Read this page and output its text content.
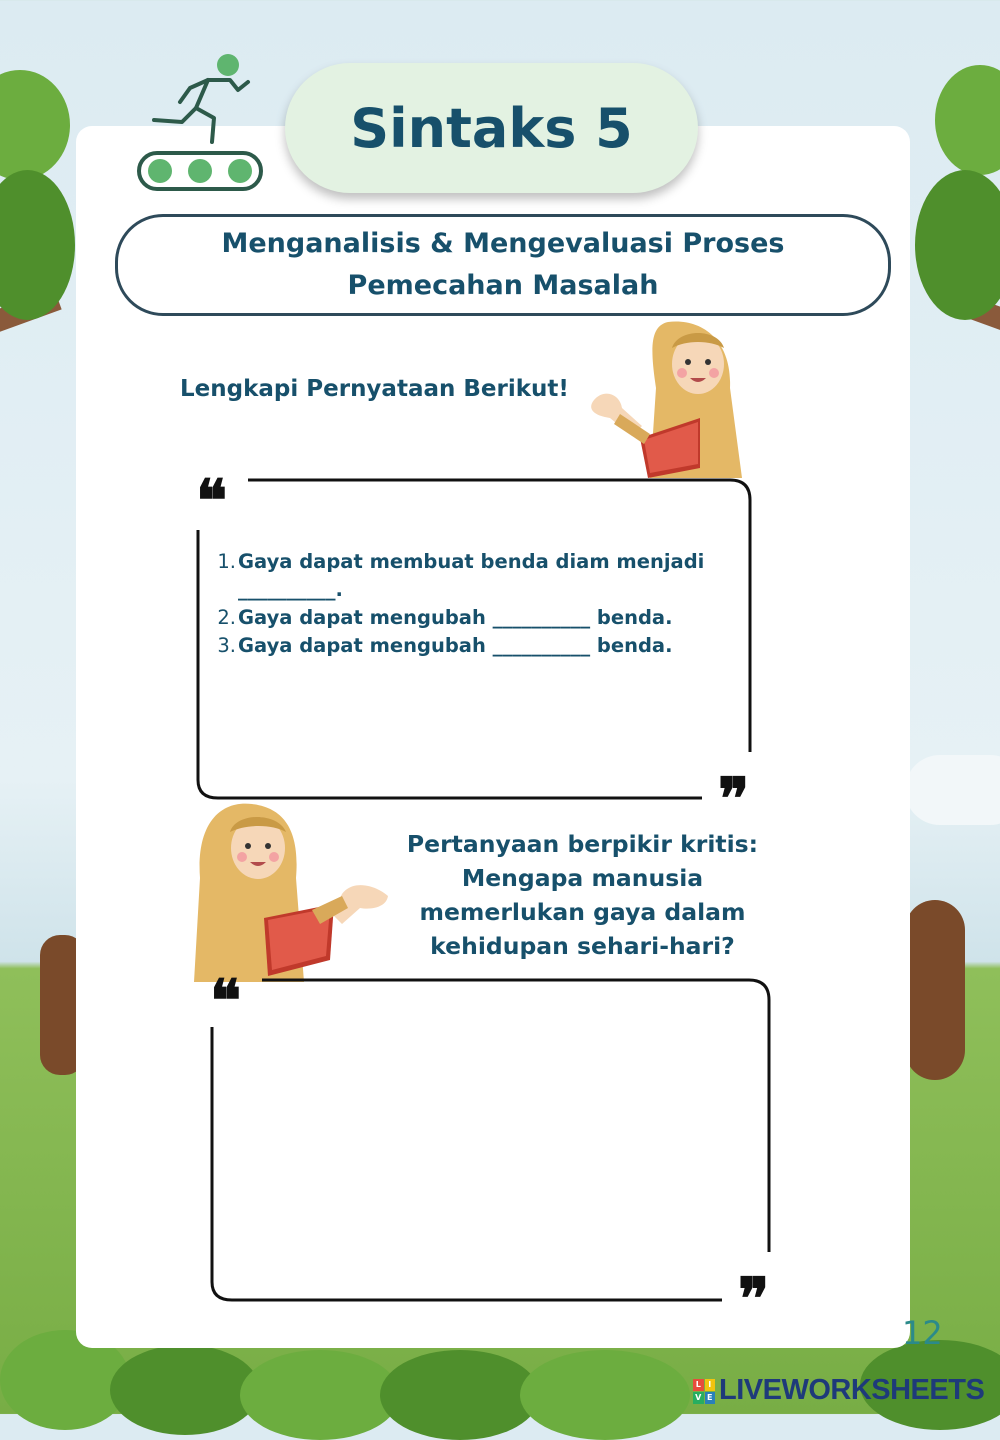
Sintaks 5
Menganalisis & Mengevaluasi Proses Pemecahan Masalah
Lengkapi Pernyataan Berikut!
❝
❞
1. Gaya dapat membuat benda diam menjadi __________.
2. Gaya dapat mengubah __________ benda.
3. Gaya dapat mengubah __________ benda.
Pertanyaan berpikir kritis: Mengapa manusia memerlukan gaya dalam kehidupan sehari-hari?
❝
❞	12
L I
V E LIVEWORKSHEETS
